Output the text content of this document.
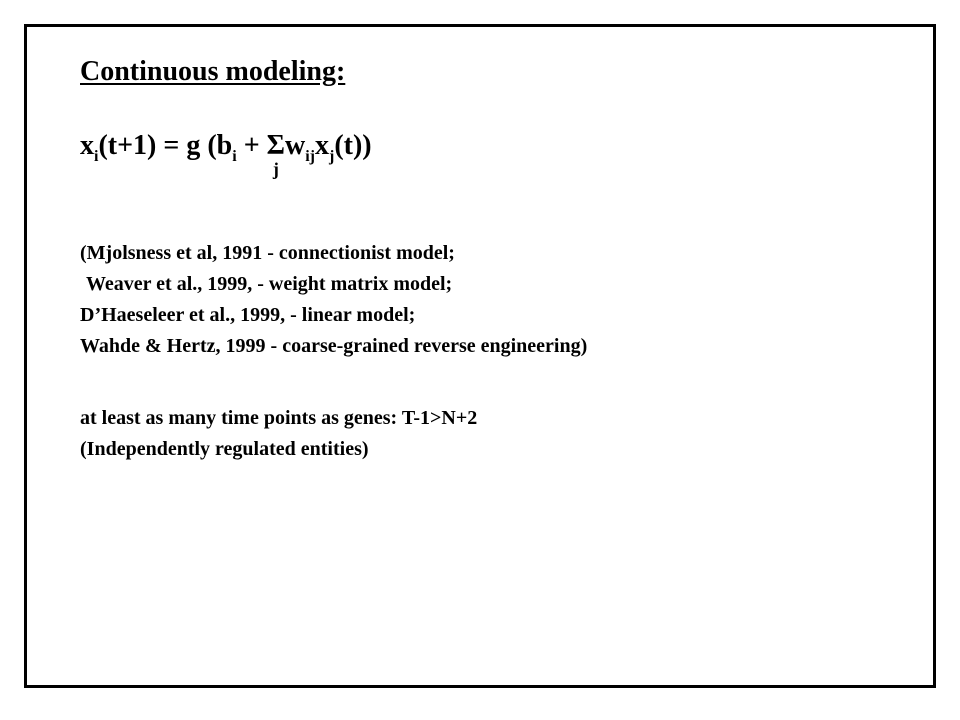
Continuous modeling:
$x_i(t+1) = g$ ($b_i + \Sigma$
j
$w_{ij}x_j(t)$)
(Mjolsness et al, 1991 - connectionist model;
Weaver et al., 1999, - weight matrix model;
D’Haeseleer et al., 1999, - linear model;
Wahde & Hertz, 1999 - coarse-grained reverse engineering)
at least as many time points as genes: T-1>N+2
(Independently regulated entities)
